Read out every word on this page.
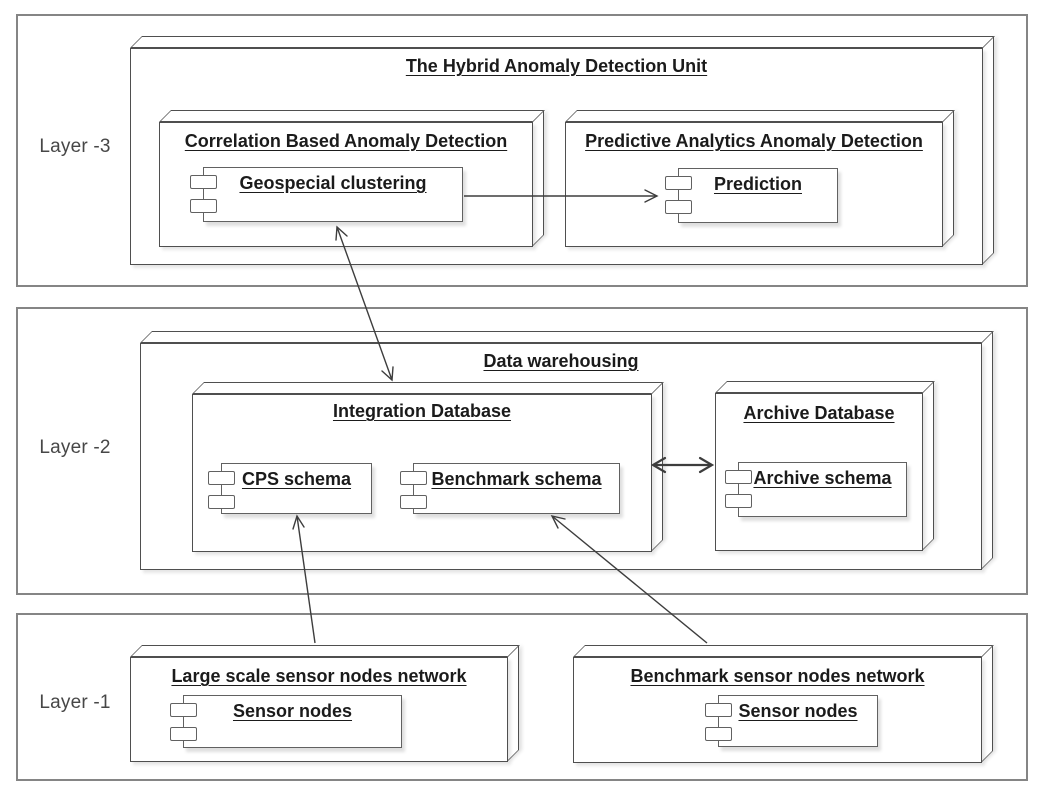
Layer -3
Layer -2
Layer -1
The Hybrid Anomaly Detection Unit
Correlation Based Anomaly Detection	Predictive Analytics Anomaly Detection
Geospecial clustering	Prediction
Data warehousing
Integration Database	Archive Database
CPS schema	Benchmark schema	Archive schema
Large scale sensor nodes network
Sensor nodes
Benchmark sensor nodes network
Sensor nodes
